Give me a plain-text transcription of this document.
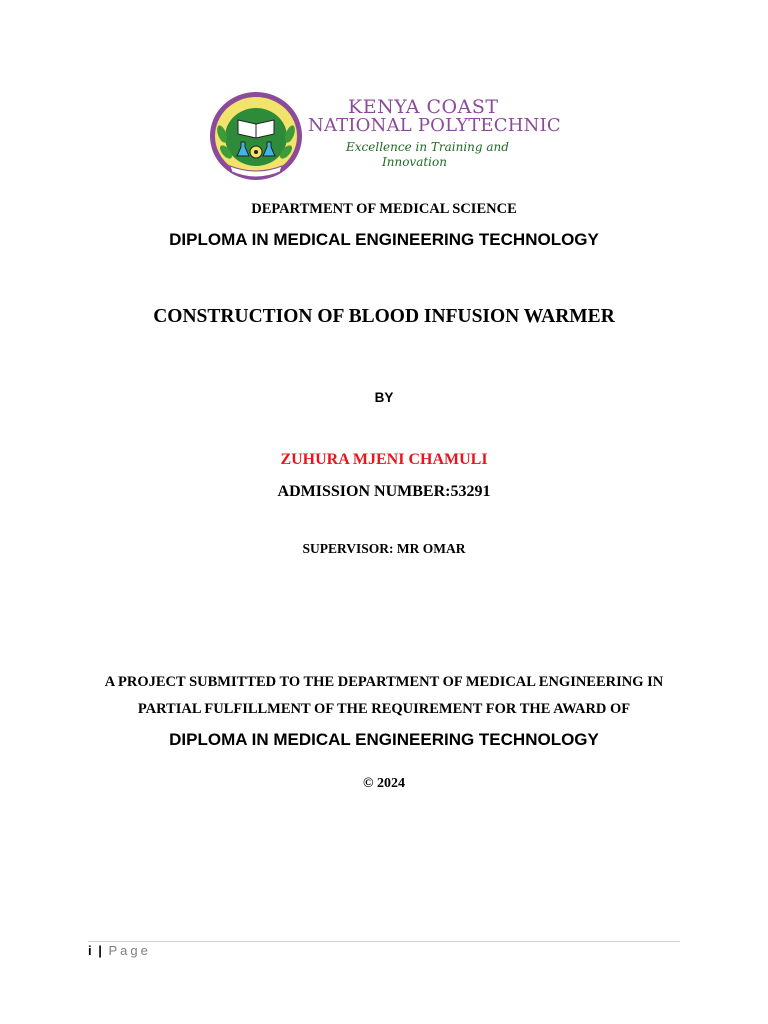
KENYA COAST
NATIONAL POLYTECHNIC
Excellence in Training and
Innovation
DEPARTMENT OF MEDICAL SCIENCE
DIPLOMA IN MEDICAL ENGINEERING TECHNOLOGY
CONSTRUCTION OF BLOOD INFUSION WARMER
BY
ZUHURA MJENI CHAMULI
ADMISSION NUMBER:53291
SUPERVISOR: MR OMAR
A PROJECT SUBMITTED TO THE DEPARTMENT OF MEDICAL ENGINEERING IN
PARTIAL FULFILLMENT OF THE REQUIREMENT FOR THE AWARD OF
DIPLOMA IN MEDICAL ENGINEERING TECHNOLOGY
© 2024
i | Page
